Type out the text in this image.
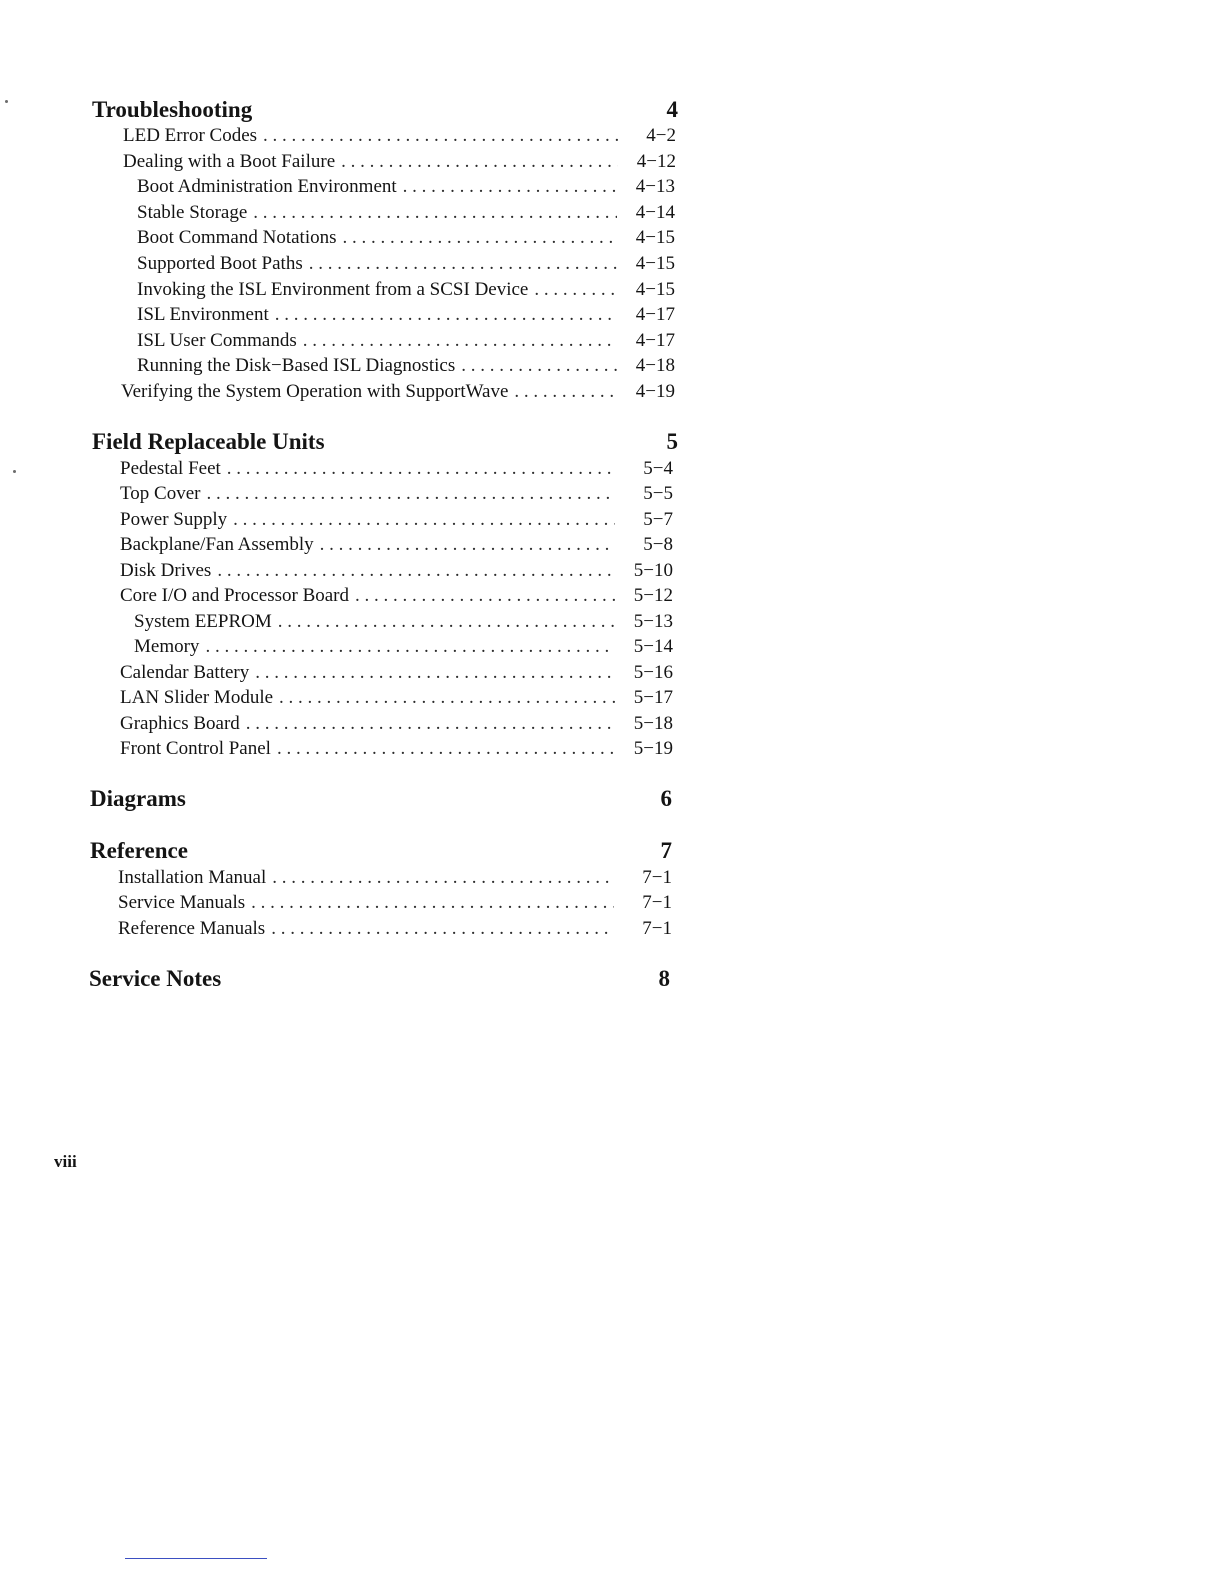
Troubleshooting	4
LED Error Codes . . .	4−2
Dealing with a Boot Failure . . .	4−12
Boot Administration Environment . . .	4−13
Stable Storage . . .	4−14
Boot Command Notations . . .	4−15
Supported Boot Paths . . .	4−15
Invoking the ISL Environment from a SCSI Device . . .	4−15
ISL Environment . . .	4−17
ISL User Commands . . .	4−17
Running the Disk−Based ISL Diagnostics . . .	4−18
Verifying the System Operation with SupportWave . . .	4−19
Field Replaceable Units	5
Pedestal Feet . . .	5−4
Top Cover . . .	5−5
Power Supply . . .	5−7
Backplane/Fan Assembly . . .	5−8
Disk Drives . . .	5−10
Core I/O and Processor Board . . .	5−12
System EEPROM . . .	5−13
Memory . . .	5−14
Calendar Battery . . .	5−16
LAN Slider Module . . .	5−17
Graphics Board . . .	5−18
Front Control Panel . . .	5−19
Diagrams	6
Reference	7
Installation Manual . . .	7−1
Service Manuals . . .	7−1
Reference Manuals . . .	7−1
Service Notes	8
viii
